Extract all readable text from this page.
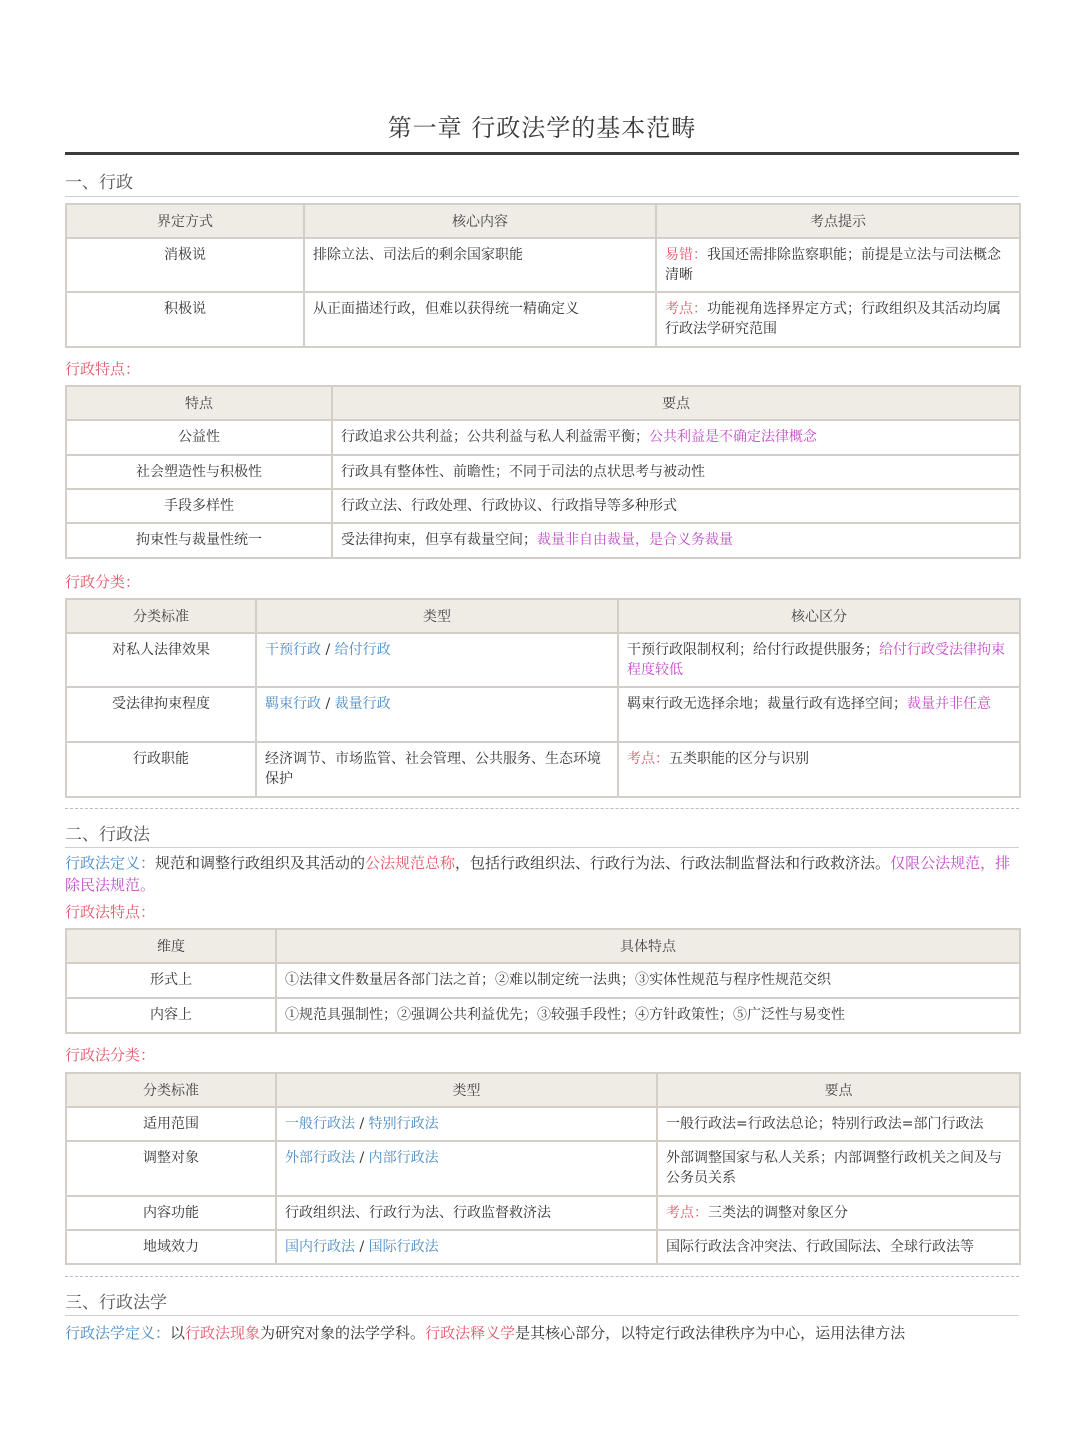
第一章 行政法学的基本范畴
一、行政
界定方式	核心内容	考点提示
消极说	排除立法、司法后的剩余国家职能	易错：我国还需排除监察职能；前提是立法与司法概念清晰
积极说	从正面描述行政，但难以获得统一精确定义	考点：功能视角选择界定方式；行政组织及其活动均属行政法学研究范围
行政特点：
特点	要点
公益性	行政追求公共利益；公共利益与私人利益需平衡；公共利益是不确定法律概念
社会塑造性与积极性	行政具有整体性、前瞻性；不同于司法的点状思考与被动性
手段多样性	行政立法、行政处理、行政协议、行政指导等多种形式
拘束性与裁量性统一	受法律拘束，但享有裁量空间；裁量非自由裁量，是合义务裁量
行政分类：
分类标准	类型	核心区分
对私人法律效果	干预行政 / 给付行政	干预行政限制权利；给付行政提供服务；给付行政受法律拘束程度较低
受法律拘束程度	羁束行政 / 裁量行政	羁束行政无选择余地；裁量行政有选择空间；裁量并非任意
行政职能	经济调节、市场监管、社会管理、公共服务、生态环境保护	考点：五类职能的区分与识别
二、行政法
行政法定义：规范和调整行政组织及其活动的公法规范总称，包括行政组织法、行政行为法、行政法制监督法和行政救济法。仅限公法规范，排除民法规范。
行政法特点：
维度	具体特点
形式上	①法律文件数量居各部门法之首；②难以制定统一法典；③实体性规范与程序性规范交织
内容上	①规范具强制性；②强调公共利益优先；③较强手段性；④方针政策性；⑤广泛性与易变性
行政法分类：
分类标准	类型	要点
适用范围	一般行政法 / 特别行政法	一般行政法=行政法总论；特别行政法=部门行政法
调整对象	外部行政法 / 内部行政法	外部调整国家与私人关系；内部调整行政机关之间及与公务员关系
内容功能	行政组织法、行政行为法、行政监督救济法	考点：三类法的调整对象区分
地域效力	国内行政法 / 国际行政法	国际行政法含冲突法、行政国际法、全球行政法等
三、行政法学
行政法学定义：以行政法现象为研究对象的法学学科。行政法释义学是其核心部分，以特定行政法律秩序为中心，运用法律方法
